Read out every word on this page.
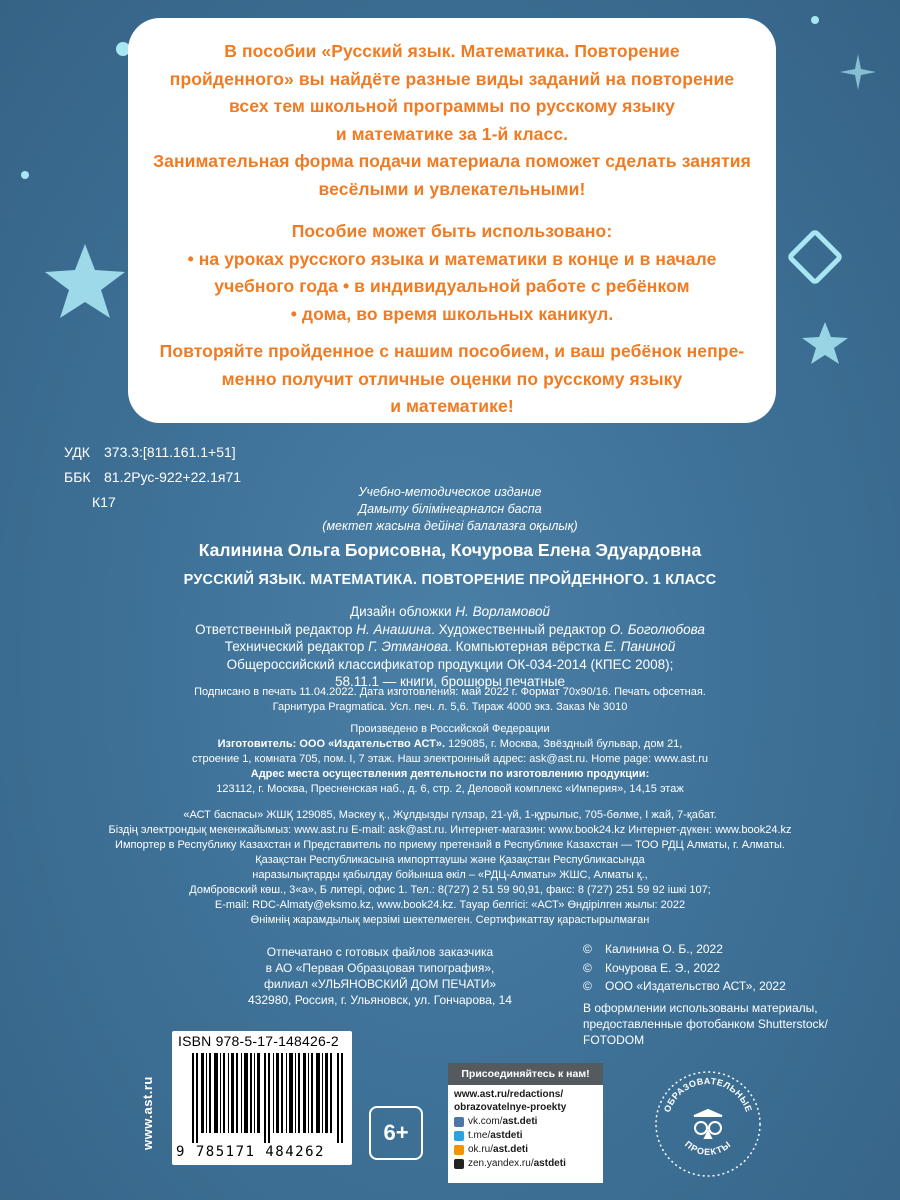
В пособии «Русский язык. Математика. Повторение

пройденного» вы найдёте разные виды заданий на повторение

всех тем школьной программы по русскому языку

и математике за 1-й класс.

Занимательная форма подачи материала поможет сделать занятия

весёлыми и увлекательными!

Пособие может быть использовано:

• на уроках русского языка и математики в конце и в начале

учебного года • в индивидуальной работе с ребёнком

• дома, во время школьных каникул.

Повторяйте пройденное с нашим пособием, и ваш ребёнок непре-

менно получит отличные оценки по русскому языку

и математике!

УДК	373.3:[811.161.1+51]
ББК 81.2Рус-922+22.1я71
К17
Учебно-методическое издание
Дамыту білімінеарналсн баспа
(мектеп жасына дейінгі балалазға оқылық)
Калинина Ольга Борисовна, Кочурова Елена Эдуардовна
РУССКИЙ ЯЗЫК. МАТЕМАТИКА. ПОВТОРЕНИЕ ПРОЙДЕННОГО. 1 КЛАСС
Дизайн обложки Н. Ворламовой
Ответственный редактор Н. Анашина. Художественный редактор О. Боголюбова
Технический редактор Г. Этманова. Компьютерная вёрстка Е. Паниной
Общероссийский классификатор продукции ОК-034-2014 (КПЕС 2008);
58.11.1 — книги, брошюры печатные
Подписано в печать 11.04.2022. Дата изготовления: май 2022 г. Формат 70х90/16. Печать офсетная.
Гарнитура Pragmatica. Усл. печ. л. 5,6. Тираж 4000 экз. Заказ № 3010
Произведено в Российской Федерации
Изготовитель: ООО «Издательство АСТ». 129085, г. Москва, Звёздный бульвар, дом 21,
строение 1, комната 705, пом. I, 7 этаж. Наш электронный адрес: ask@ast.ru. Home page: www.ast.ru
Адрес места осуществления деятельности по изготовлению продукции:
123112, г. Москва, Пресненская наб., д. 6, стр. 2, Деловой комплекс «Империя», 14,15 этаж
«АСТ баспасы» ЖШҚ 129085, Мәскеу қ., Жұлдызды гүлзар, 21-үй, 1-құрылыс, 705-бөлме, I жай, 7-қабат.
Біздің электрондық мекенжайымыз: www.ast.ru E-mail: ask@ast.ru. Интернет-магазин: www.book24.kz Интернет-дүкен: www.book24.kz
Импортер в Республику Казахстан и Представитель по приему претензий в Республике Казахстан — ТОО РДЦ Алматы, г. Алматы.
Қазақстан Республикасына импорттаушы және Қазақстан Республикасында
наразылықтарды қабылдау бойынша өкіл – «РДЦ-Алматы» ЖШС, Алматы қ.,
Домбровский көш., 3«а», Б литері, офис 1. Тел.: 8(727) 2 51 59 90,91, факс: 8 (727) 251 59 92 ішкі 107;
E-mail: RDC-Almaty@eksmo.kz, www.book24.kz. Тауар белгісі: «АСТ» Өндірілген жылы: 2022
Өнімнің жарамдылық мерзімі шектелмеген. Сертификаттау қарастырылмаған
Отпечатано с готовых файлов заказчика
в АО «Первая Образцовая типография»,
филиал «УЛЬЯНОВСКИЙ ДОМ ПЕЧАТИ»
432980, Россия, г. Ульяновск, ул. Гончарова, 14
© Калинина О. Б., 2022
© Кочурова Е. Э., 2022
© ООО «Издательство АСТ», 2022
В оформлении использованы материалы,
предоставленные фотобанком Shutterstock/
FOTODOM
ISBN 978-5-17-148426-2
9 785171 484262
www.ast.ru	6+
Присоединяйтесь к нам!
www.ast.ru/redactions/
obrazovatelnye-proekty
vk.com/ ast.deti
t.me/ astdeti
ok.ru/ ast.deti
zen.yandex.ru/ astdeti
ОБРАЗОВАТЕЛЬНЫЕ
ПРОЕКТЫ
